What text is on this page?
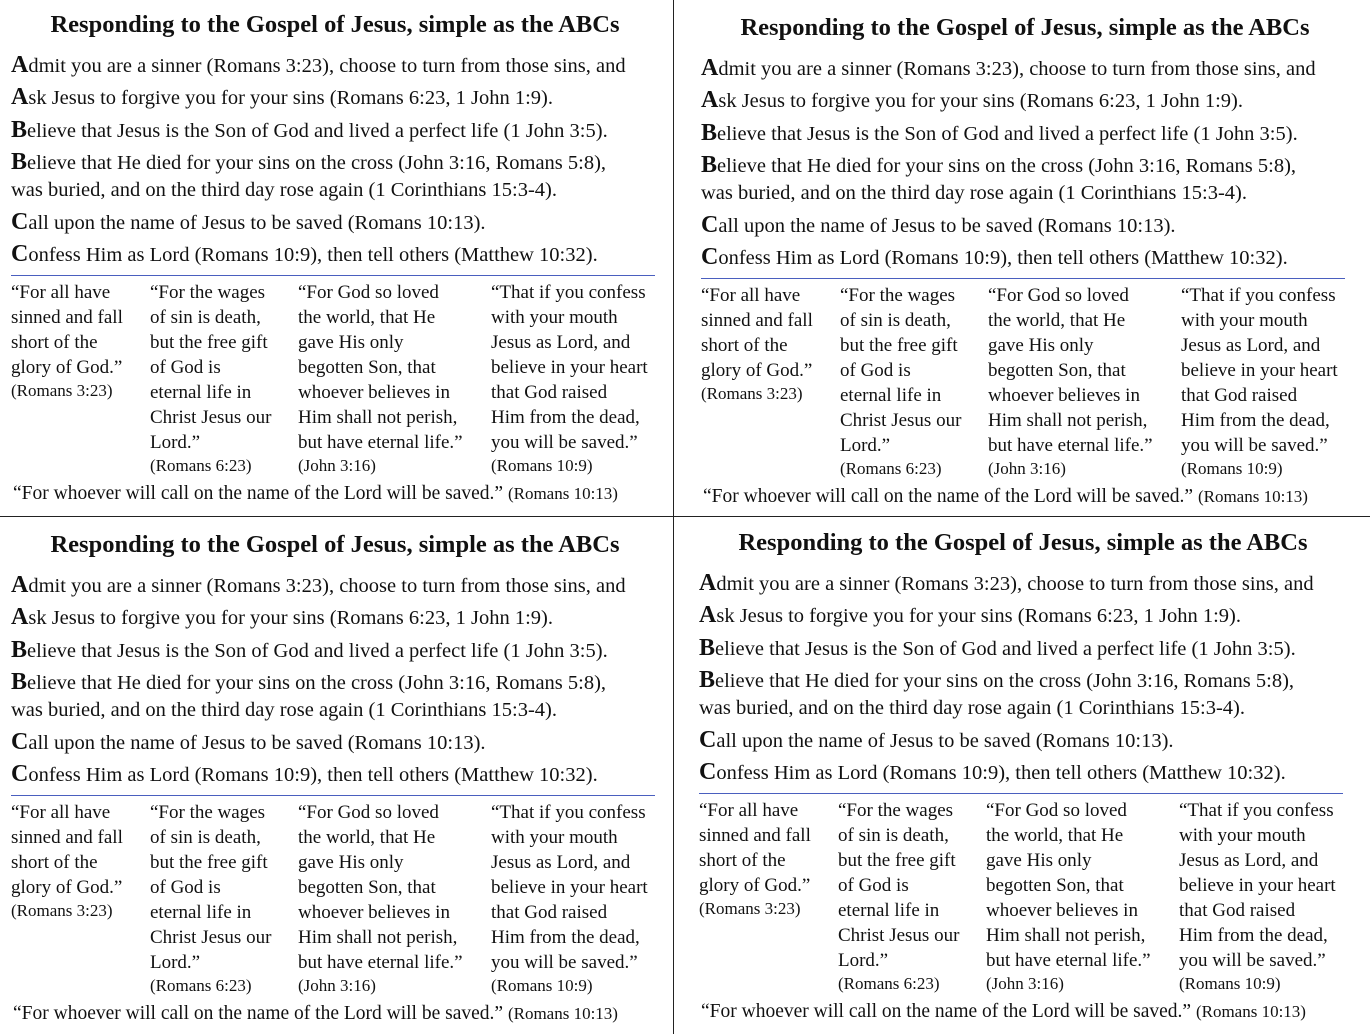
Responding to the Gospel of Jesus, simple as the ABCs
Admit you are a sinner (Romans 3:23), choose to turn from those sins, and
Ask Jesus to forgive you for your sins (Romans 6:23, 1 John 1:9).
Believe that Jesus is the Son of God and lived a perfect life (1 John 3:5).
Believe that He died for your sins on the cross (John 3:16, Romans 5:8),
was buried, and on the third day rose again (1 Corinthians 15:3-4).
Call upon the name of Jesus to be saved (Romans 10:13).
Confess Him as Lord (Romans 10:9), then tell others (Matthew 10:32).
“For all have
sinned and fall
short of the
glory of God.”
(Romans 3:23)
“For the wages
of sin is death,
but the free gift
of God is
eternal life in
Christ Jesus our
Lord.”
(Romans 6:23)
“For God so loved
the world, that He
gave His only
begotten Son, that
whoever believes in
Him shall not perish,
but have eternal life.”
(John 3:16)
“That if you confess
with your mouth
Jesus as Lord, and
believe in your heart
that God raised
Him from the dead,
you will be saved.”
(Romans 10:9)
“For whoever will call on the name of the Lord will be saved.” (Romans 10:13)
Responding to the Gospel of Jesus, simple as the ABCs
Admit you are a sinner (Romans 3:23), choose to turn from those sins, and
Ask Jesus to forgive you for your sins (Romans 6:23, 1 John 1:9).
Believe that Jesus is the Son of God and lived a perfect life (1 John 3:5).
Believe that He died for your sins on the cross (John 3:16, Romans 5:8),
was buried, and on the third day rose again (1 Corinthians 15:3-4).
Call upon the name of Jesus to be saved (Romans 10:13).
Confess Him as Lord (Romans 10:9), then tell others (Matthew 10:32).
“For all have
sinned and fall
short of the
glory of God.”
(Romans 3:23)
“For the wages
of sin is death,
but the free gift
of God is
eternal life in
Christ Jesus our
Lord.”
(Romans 6:23)
“For God so loved
the world, that He
gave His only
begotten Son, that
whoever believes in
Him shall not perish,
but have eternal life.”
(John 3:16)
“That if you confess
with your mouth
Jesus as Lord, and
believe in your heart
that God raised
Him from the dead,
you will be saved.”
(Romans 10:9)
“For whoever will call on the name of the Lord will be saved.” (Romans 10:13)
Responding to the Gospel of Jesus, simple as the ABCs
Admit you are a sinner (Romans 3:23), choose to turn from those sins, and
Ask Jesus to forgive you for your sins (Romans 6:23, 1 John 1:9).
Believe that Jesus is the Son of God and lived a perfect life (1 John 3:5).
Believe that He died for your sins on the cross (John 3:16, Romans 5:8),
was buried, and on the third day rose again (1 Corinthians 15:3-4).
Call upon the name of Jesus to be saved (Romans 10:13).
Confess Him as Lord (Romans 10:9), then tell others (Matthew 10:32).
“For all have
sinned and fall
short of the
glory of God.”
(Romans 3:23)
“For the wages
of sin is death,
but the free gift
of God is
eternal life in
Christ Jesus our
Lord.”
(Romans 6:23)
“For God so loved
the world, that He
gave His only
begotten Son, that
whoever believes in
Him shall not perish,
but have eternal life.”
(John 3:16)
“That if you confess
with your mouth
Jesus as Lord, and
believe in your heart
that God raised
Him from the dead,
you will be saved.”
(Romans 10:9)
“For whoever will call on the name of the Lord will be saved.” (Romans 10:13)
Responding to the Gospel of Jesus, simple as the ABCs
Admit you are a sinner (Romans 3:23), choose to turn from those sins, and
Ask Jesus to forgive you for your sins (Romans 6:23, 1 John 1:9).
Believe that Jesus is the Son of God and lived a perfect life (1 John 3:5).
Believe that He died for your sins on the cross (John 3:16, Romans 5:8),
was buried, and on the third day rose again (1 Corinthians 15:3-4).
Call upon the name of Jesus to be saved (Romans 10:13).
Confess Him as Lord (Romans 10:9), then tell others (Matthew 10:32).
“For all have
sinned and fall
short of the
glory of God.”
(Romans 3:23)
“For the wages
of sin is death,
but the free gift
of God is
eternal life in
Christ Jesus our
Lord.”
(Romans 6:23)
“For God so loved
the world, that He
gave His only
begotten Son, that
whoever believes in
Him shall not perish,
but have eternal life.”
(John 3:16)
“That if you confess
with your mouth
Jesus as Lord, and
believe in your heart
that God raised
Him from the dead,
you will be saved.”
(Romans 10:9)
“For whoever will call on the name of the Lord will be saved.” (Romans 10:13)
